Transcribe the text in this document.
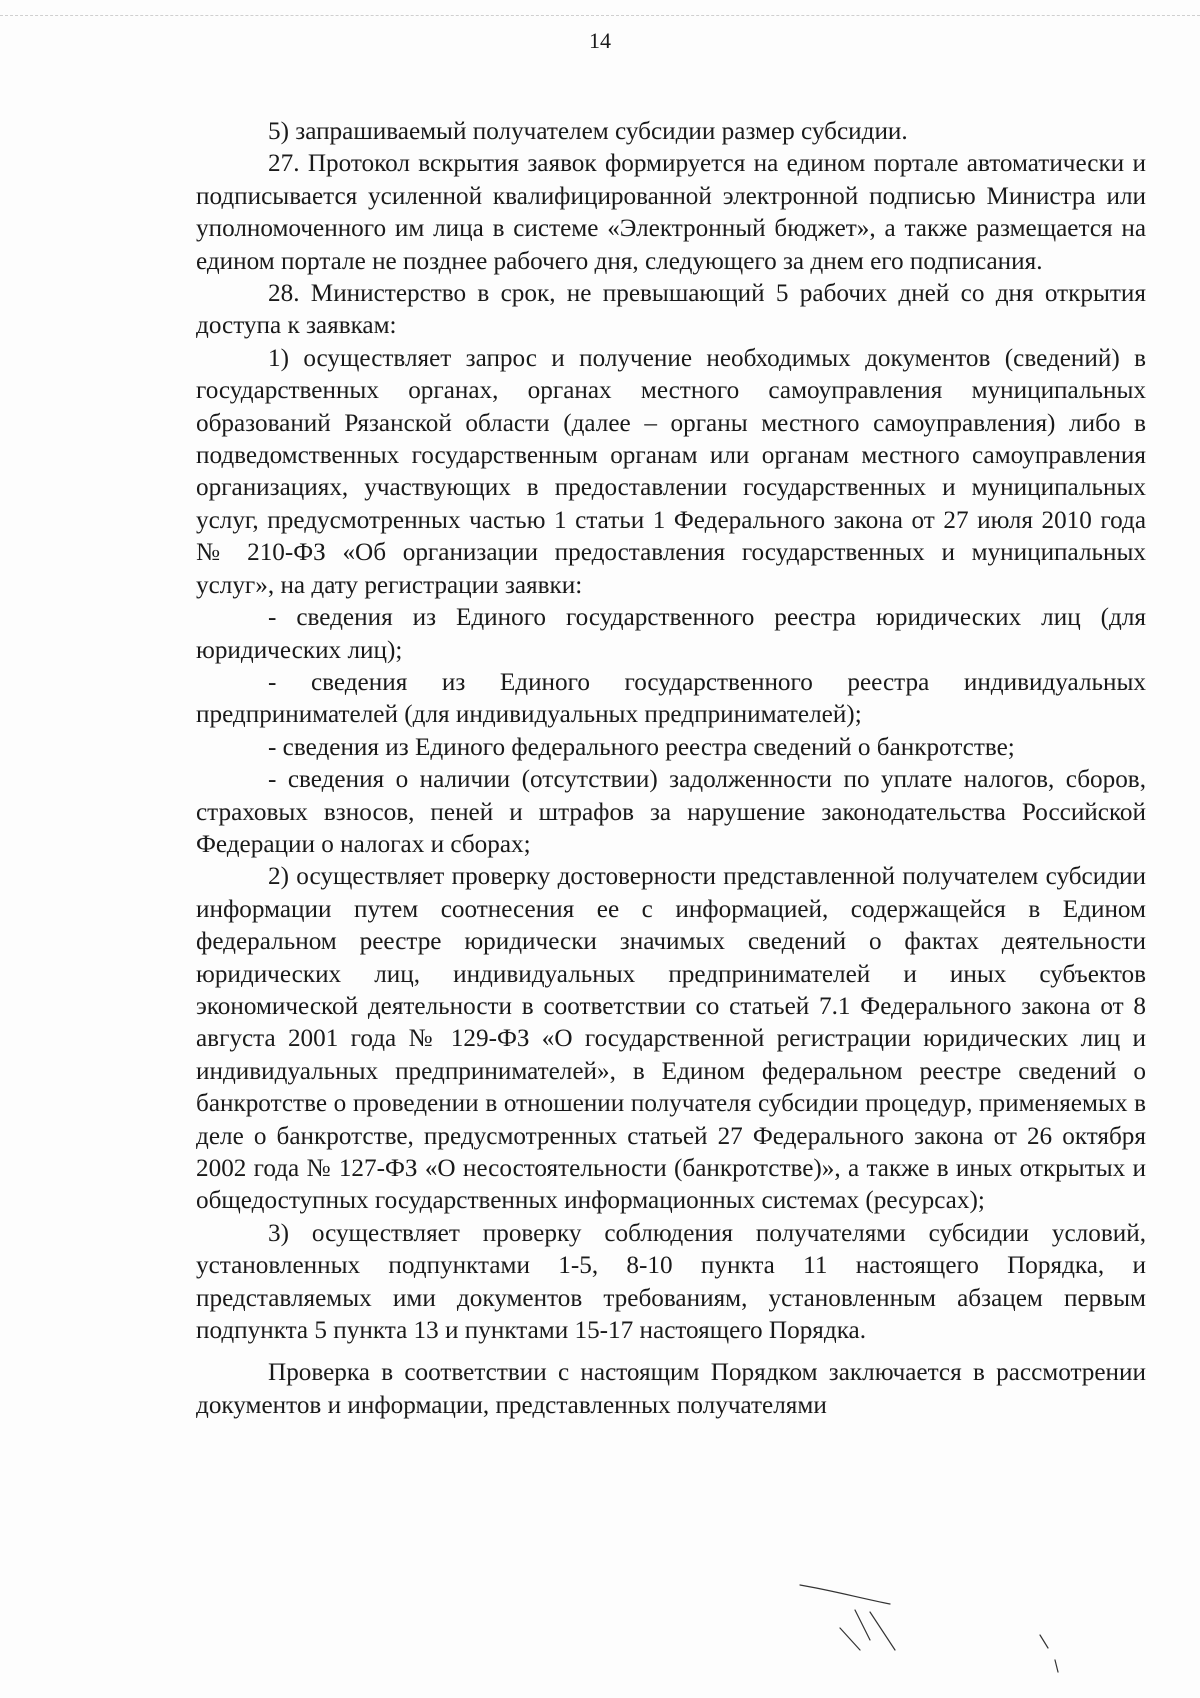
14

5) запрашиваемый получателем субсидии размер субсидии.

27. Протокол вскрытия заявок формируется на едином портале автоматически и подписывается усиленной квалифицированной электронной подписью Министра или уполномоченного им лица в системе «Электронный бюджет», а также размещается на едином портале не позднее рабочего дня, следующего за днем его подписания.

28. Министерство в срок, не превышающий 5 рабочих дней со дня открытия доступа к заявкам:

1) осуществляет запрос и получение необходимых документов (сведений) в государственных органах, органах местного самоуправления муниципальных образований Рязанской области (далее – органы местного самоуправления) либо в подведомственных государственным органам или органам местного самоуправления организациях, участвующих в предоставлении государственных и муниципальных услуг, предусмотренных частью 1 статьи 1 Федерального закона от 27 июля 2010 года № 210-ФЗ «Об организации предоставления государственных и муниципальных услуг», на дату регистрации заявки:

- сведения из Единого государственного реестра юридических лиц (для юридических лиц);

- сведения из Единого государственного реестра индивидуальных предпринимателей (для индивидуальных предпринимателей);

- сведения из Единого федерального реестра сведений о банкротстве;

- сведения о наличии (отсутствии) задолженности по уплате налогов, сборов, страховых взносов, пеней и штрафов за нарушение законодательства Российской Федерации о налогах и сборах;

2) осуществляет проверку достоверности представленной получателем субсидии информации путем соотнесения ее с информацией, содержащейся в Едином федеральном реестре юридически значимых сведений о фактах деятельности юридических лиц, индивидуальных предпринимателей и иных субъектов экономической деятельности в соответствии со статьей 7.1 Федерального закона от 8 августа 2001 года № 129-ФЗ «О государственной регистрации юридических лиц и индивидуальных предпринимателей», в Едином федеральном реестре сведений о банкротстве о проведении в отношении получателя субсидии процедур, применяемых в деле о банкротстве, предусмотренных статьей 27 Федерального закона от 26 октября 2002 года № 127-ФЗ «О несостоятельности (банкротстве)», а также в иных открытых и общедоступных государственных информационных системах (ресурсах);

3) осуществляет проверку соблюдения получателями субсидии условий, установленных подпунктами 1-5, 8-10 пункта 11 настоящего Порядка, и представляемых ими документов требованиям, установленным абзацем первым подпункта 5 пункта 13 и пунктами 15-17 настоящего Порядка.

Проверка в соответствии с настоящим Порядком заключается в рассмотрении документов и информации, представленных получателями
